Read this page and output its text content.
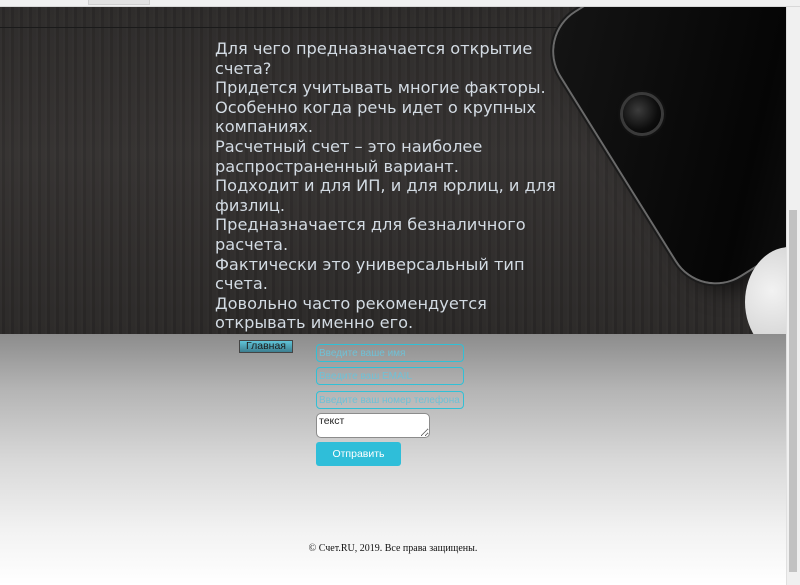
Для чего предназначается открытие счета?
Придется учитывать многие факторы.
Особенно когда речь идет о крупных компаниях.
Расчетный счет – это наиболее распространенный вариант.
Подходит и для ИП, и для юрлиц, и для физлиц.
Предназначается для безналичного расчета.
Фактически это универсальный тип счета.
Довольно часто рекомендуется открывать именно его.

Главная
Введите ваше имя
Введите ваш EMAIL
Введите ваш номер телефона
текст
Отправить

© Счет.RU, 2019. Все права защищены.
